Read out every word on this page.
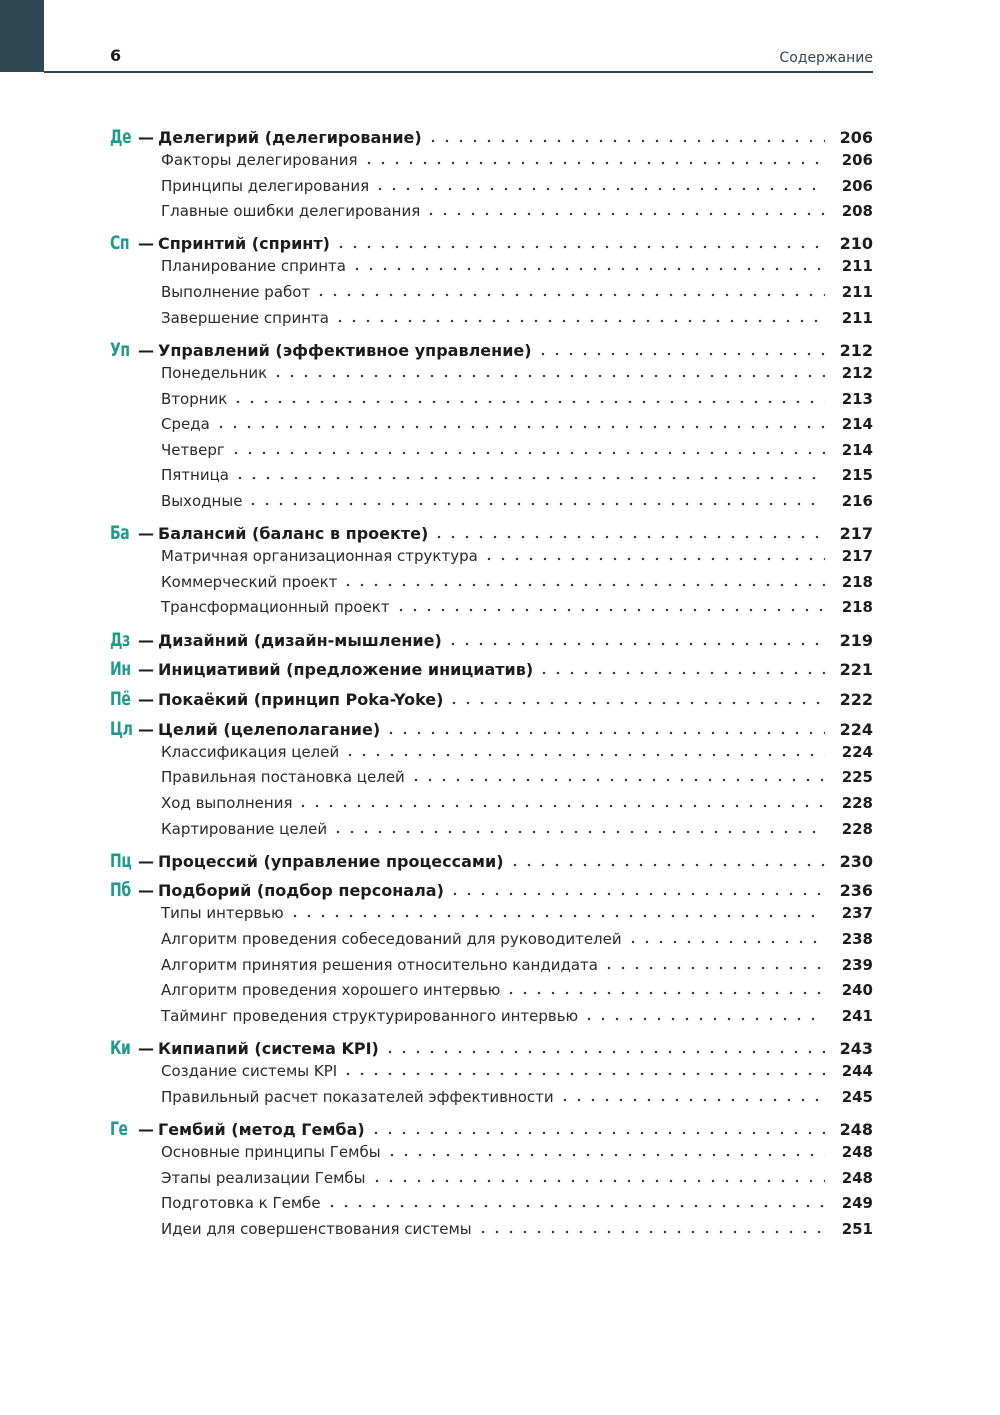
6	Содержание
Де — Делегирий (делегирование)	206
Факторы делегирования	206
Принципы делегирования	206
Главные ошибки делегирования	208
Сп — Спринтий (спринт)	210
Планирование спринта	211
Выполнение работ	211
Завершение спринта	211
Уп — Управлений (эффективное управление)	212
Понедельник	212
Вторник	213
Среда	214
Четверг	214
Пятница	215
Выходные	216
Ба — Балансий (баланс в проекте)	217
Матричная организационная структура	217
Коммерческий проект	218
Трансформационный проект	218
Дз — Дизайний (дизайн-мышление)	219
Ин — Инициативий (предложение инициатив)	221
Пё — Покаёкий (принцип Poka-Yoke)	222
Цл — Целий (целеполагание)	224
Классификация целей	224
Правильная постановка целей	225
Ход выполнения	228
Картирование целей	228
Пц — Процессий (управление процессами)	230
Пб — Подборий (подбор персонала)	236
Типы интервью	237
Алгоритм проведения собеседований для руководителей	238
Алгоритм принятия решения относительно кандидата	239
Алгоритм проведения хорошего интервью	240
Тайминг проведения структурированного интервью	241
Ки — Кипиапий (система KPI)	243
Создание системы KPI	244
Правильный расчет показателей эффективности	245
Ге — Гембий (метод Гемба)	248
Основные принципы Гембы	248
Этапы реализации Гембы	248
Подготовка к Гембе	249
Идеи для совершенствования системы	251
